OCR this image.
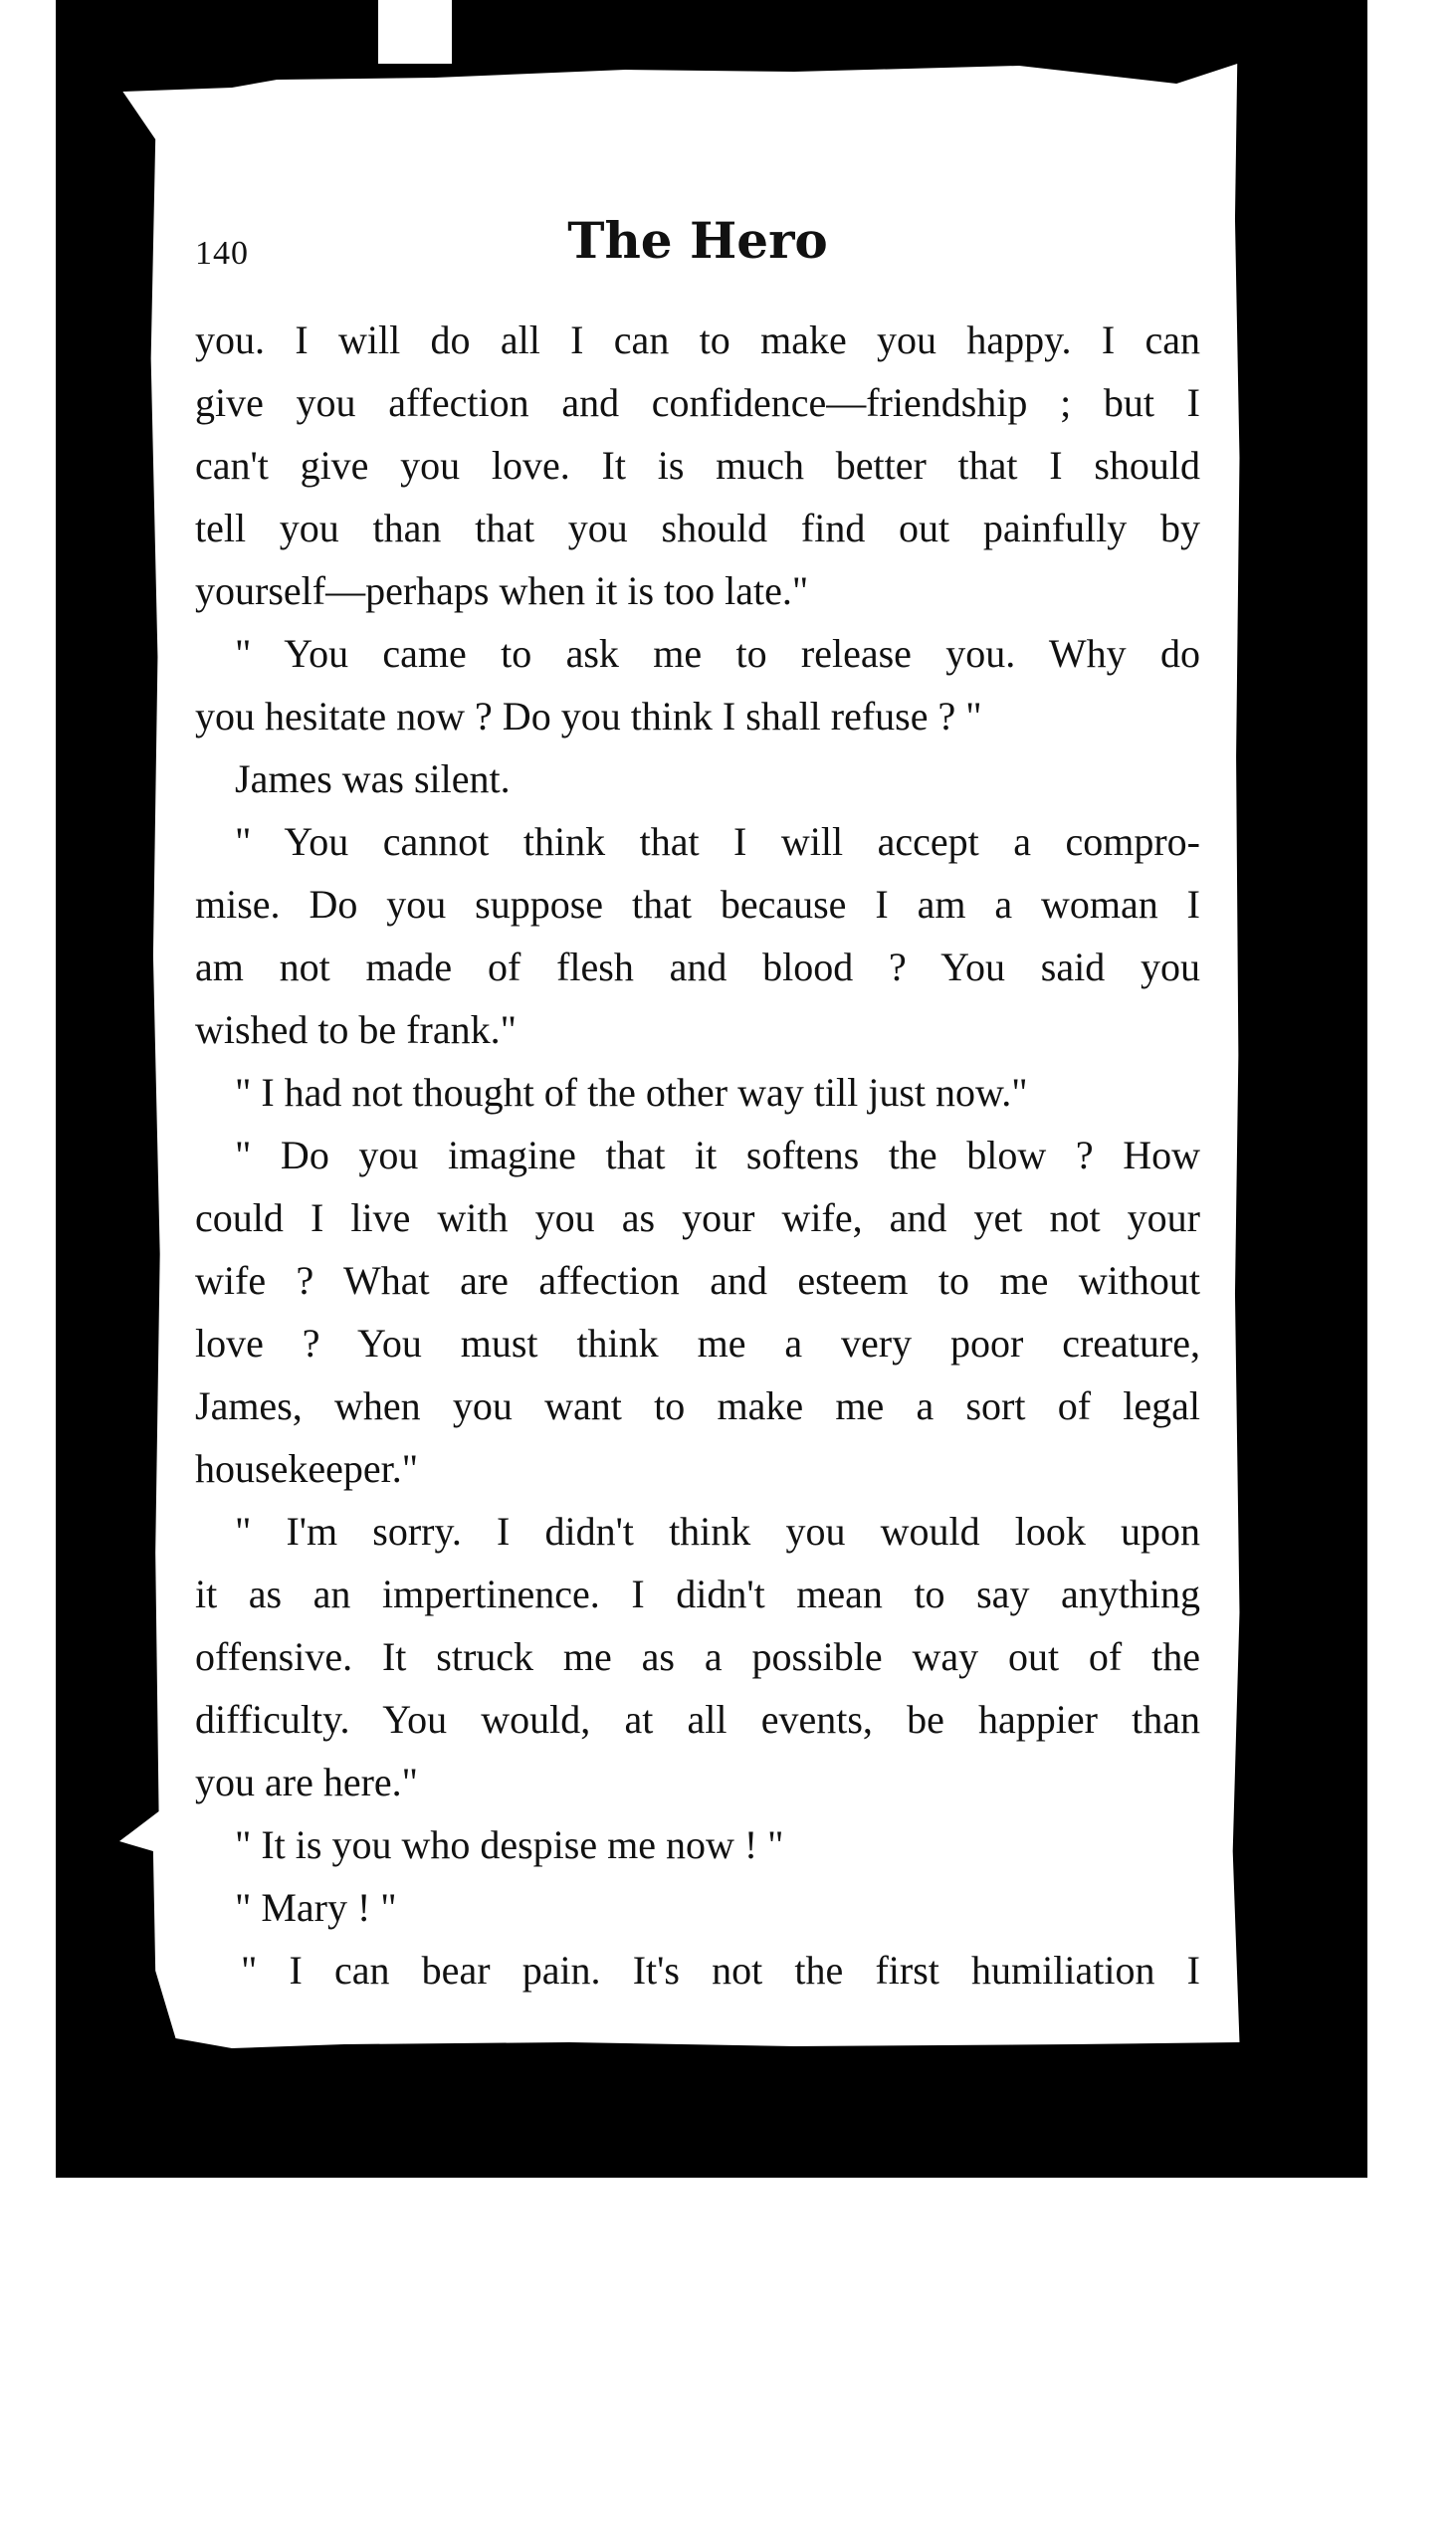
140	The Hero
you. I will do all I can to make you happy. I can
give you affection and confidence—friendship ; but I
can't give you love. It is much better that I should
tell you than that you should find out painfully by
yourself—perhaps when it is too late."
" You came to ask me to release you. Why do
you hesitate now ? Do you think I shall refuse ? "
James was silent.
" You cannot think that I will accept a compro-
mise. Do you suppose that because I am a woman I
am not made of flesh and blood ? You said you
wished to be frank."
" I had not thought of the other way till just now."
" Do you imagine that it softens the blow ? How
could I live with you as your wife, and yet not your
wife ? What are affection and esteem to me without
love ? You must think me a very poor creature,
James, when you want to make me a sort of legal
housekeeper."
" I'm sorry. I didn't think you would look upon
it as an impertinence. I didn't mean to say anything
offensive. It struck me as a possible way out of the
difficulty. You would, at all events, be happier than
you are here."
" It is you who despise me now ! "
" Mary ! "
" I can bear pain. It's not the first humiliation I
